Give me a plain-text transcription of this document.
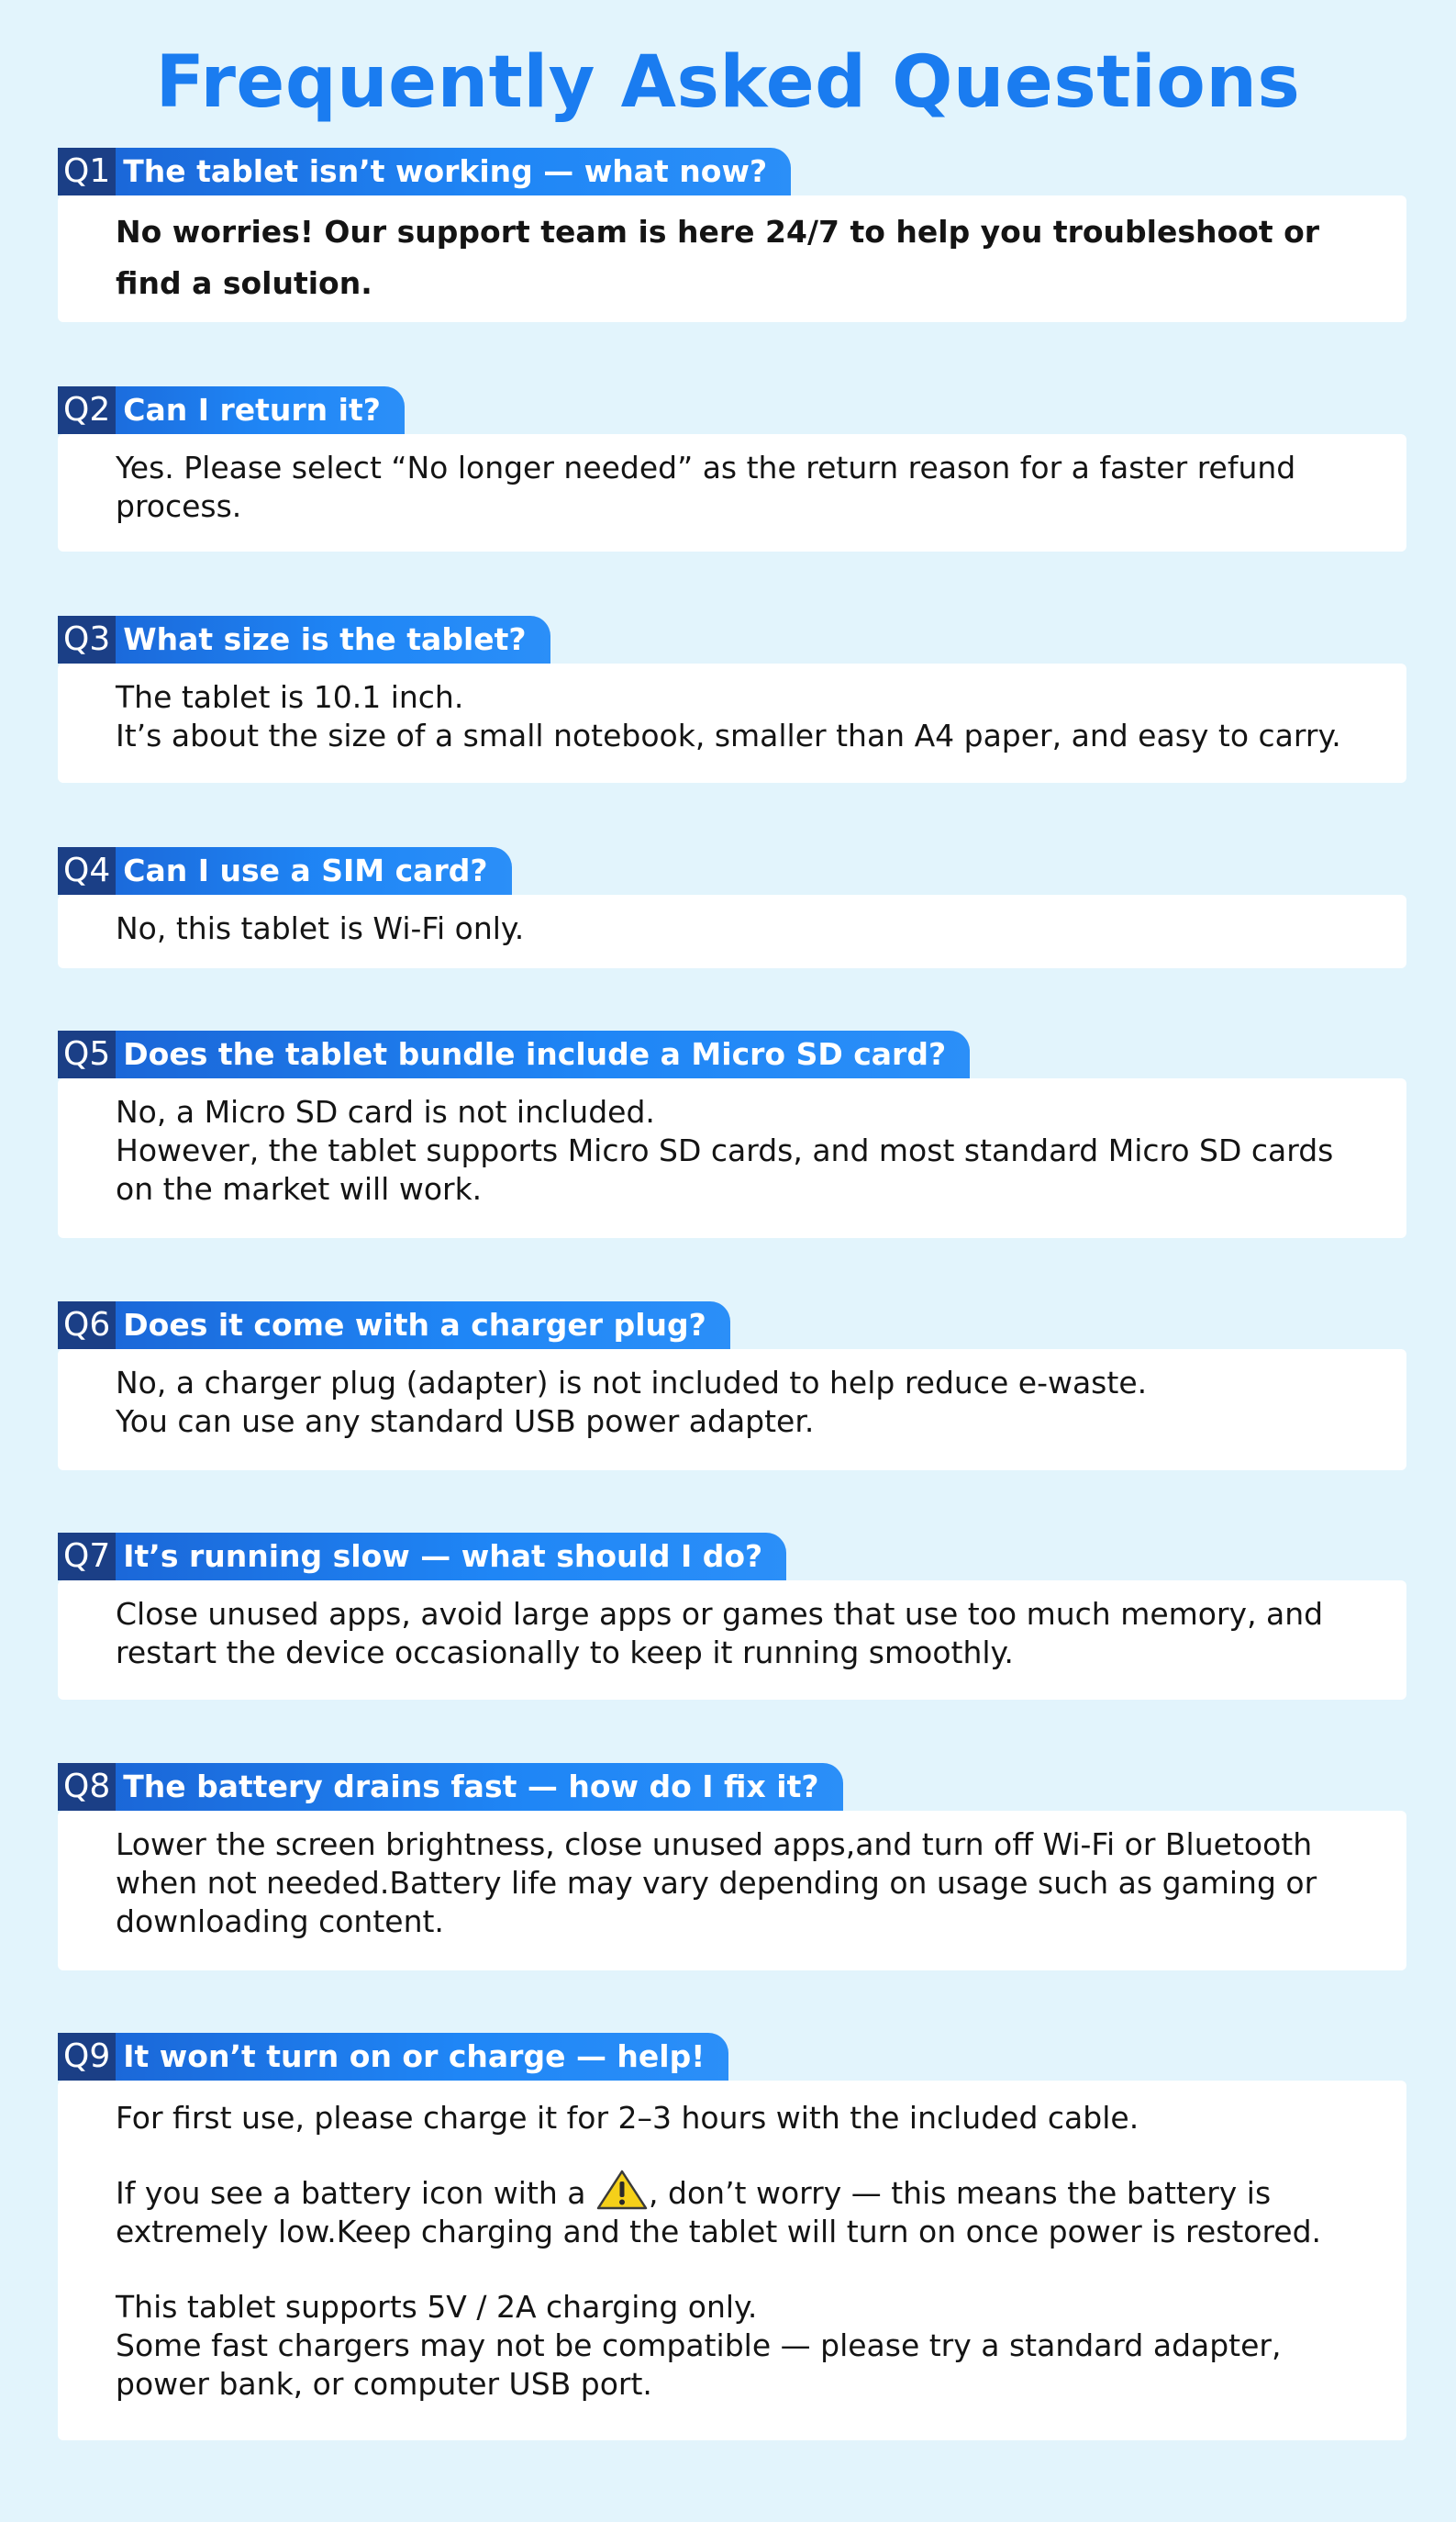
Frequently Asked Questions
Q1 The tablet isn’t working — what now?

No worries! Our support team is here 24/7 to help you troubleshoot or find a solution.

Q2 Can I return it?

Yes. Please select “No longer needed” as the return reason for a faster refund process.

Q3 What size is the tablet?

The tablet is 10.1 inch.

It’s about the size of a small notebook, smaller than A4 paper, and easy to carry.

Q4 Can I use a SIM card?

No, this tablet is Wi-Fi only.

Q5 Does the tablet bundle include a Micro SD card?

No, a Micro SD card is not included.

However, the tablet supports Micro SD cards, and most standard Micro SD cards on the market will work.

Q6 Does it come with a charger plug?

No, a charger plug (adapter) is not included to help reduce e-waste.

You can use any standard USB power adapter.

Q7 It’s running slow — what should I do?

Close unused apps, avoid large apps or games that use too much memory, and restart the device occasionally to keep it running smoothly.

Q8 The battery drains fast — how do I fix it?

Lower the screen brightness, close unused apps,and turn off Wi-Fi or Bluetooth when not needed.Battery life may vary depending on usage such as gaming or downloading content.

Q9 It won’t turn on or charge — help!

For first use, please charge it for 2–3 hours with the included cable.

If you see a battery icon with a , don’t worry — this means the battery is extremely low.Keep charging and the tablet will turn on once power is restored.

This tablet supports 5V / 2A charging only.

Some fast chargers may not be compatible — please try a standard adapter, power bank, or computer USB port.
